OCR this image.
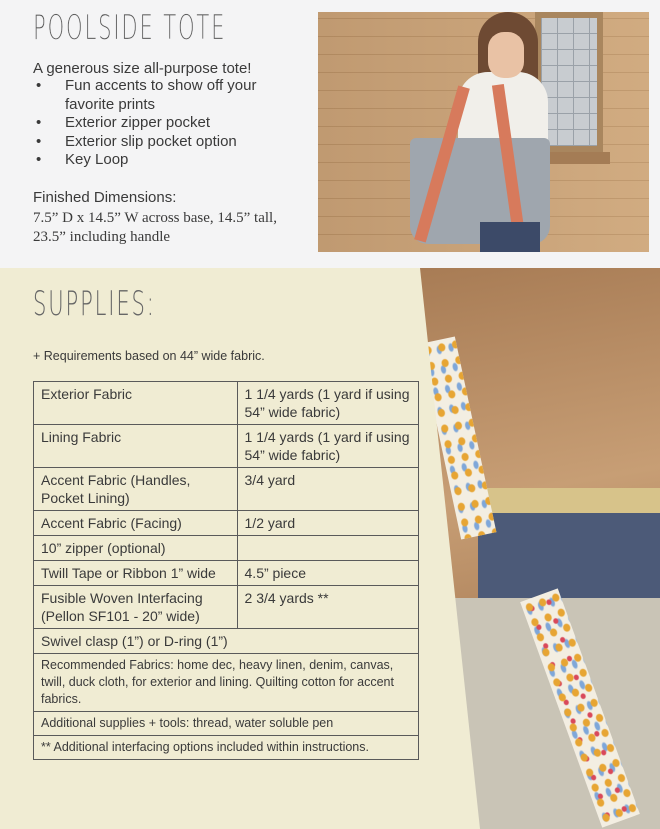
POOLSIDE TOTE
A generous size all-purpose tote!
•	Fun accents to show off your favorite prints
•	Exterior zipper pocket
•	Exterior slip pocket option
•	Key Loop
Finished Dimensions:
7.5” D x 14.5” W across base, 14.5” tall, 23.5” including handle
SUPPLIES:
+ Requirements based on 44” wide fabric.
Exterior Fabric	1 1/4 yards (1 yard if using 54” wide fabric)
Lining Fabric	1 1/4 yards (1 yard if using 54” wide fabric)
Accent Fabric (Handles, Pocket Lining)	3/4 yard
Accent Fabric (Facing)	1/2 yard
10” zipper (optional)	
Twill Tape or Ribbon 1” wide	4.5” piece
Fusible Woven Interfacing (Pellon SF101 - 20” wide)	2 3/4 yards **
Swivel clasp (1”) or D-ring (1”)	
Recommended Fabrics: home dec, heavy linen, denim, canvas, twill, duck cloth, for exterior and lining. Quilting cotton for accent fabrics.	
Additional supplies + tools: thread, water soluble pen	
** Additional interfacing options included within instructions.	
